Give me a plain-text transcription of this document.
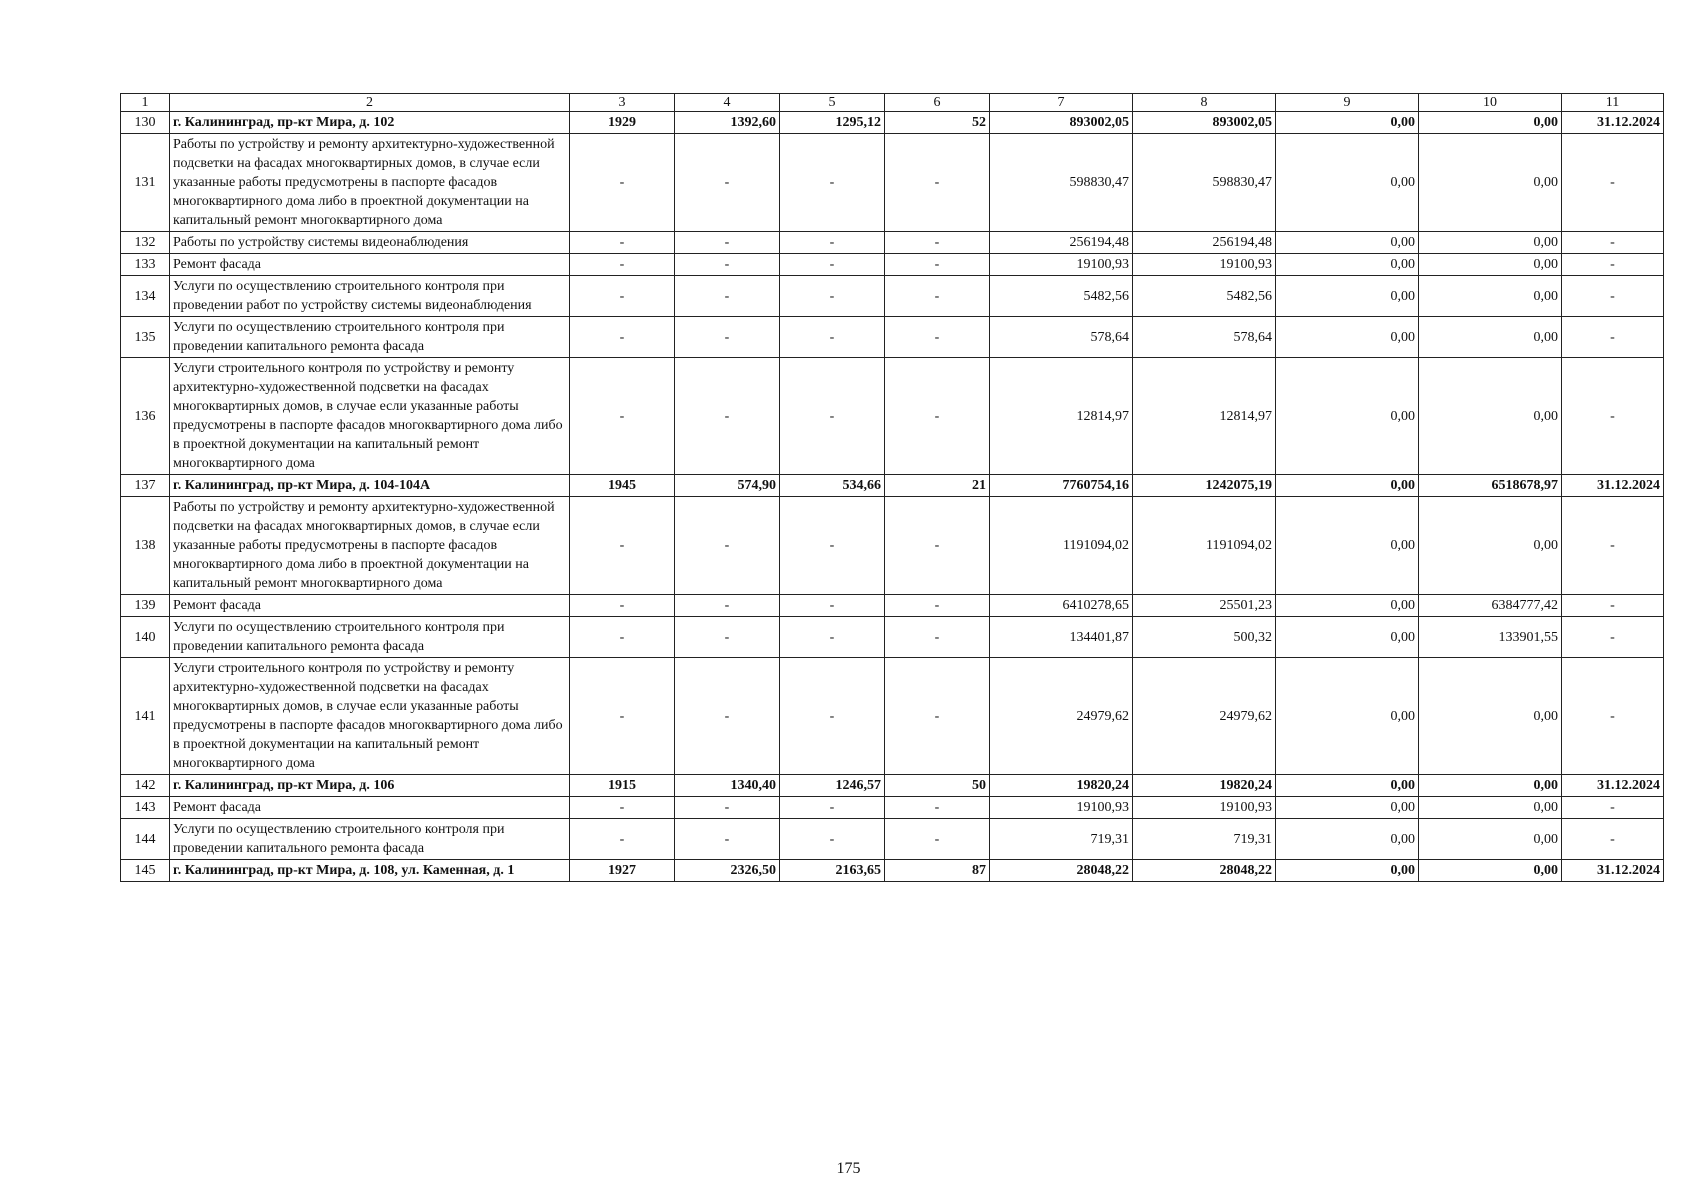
1	2	3	4	5	6	7	8	9	10	11
130	г. Калининград, пр-кт Мира, д. 102	1929	1392,60	1295,12	52	893002,05	893002,05	0,00	0,00	31.12.2024
131	Работы по устройству и ремонту архитектурно-художественной подсветки на фасадах многоквартирных домов, в случае если указанные работы предусмотрены в паспорте фасадов многоквартирного дома либо в проектной документации на капитальный ремонт многоквартирного дома	-	-	-	-	598830,47	598830,47	0,00	0,00	-
132	Работы по устройству системы видеонаблюдения	-	-	-	-	256194,48	256194,48	0,00	0,00	-
133	Ремонт фасада	-	-	-	-	19100,93	19100,93	0,00	0,00	-
134	Услуги по осуществлению строительного контроля при проведении работ по устройству системы видеонаблюдения	-	-	-	-	5482,56	5482,56	0,00	0,00	-
135	Услуги по осуществлению строительного контроля при проведении капитального ремонта фасада	-	-	-	-	578,64	578,64	0,00	0,00	-
136	Услуги строительного контроля по устройству и ремонту архитектурно-художественной подсветки на фасадах многоквартирных домов, в случае если указанные работы предусмотрены в паспорте фасадов многоквартирного дома либо в проектной документации на капитальный ремонт многоквартирного дома	-	-	-	-	12814,97	12814,97	0,00	0,00	-
137	г. Калининград, пр-кт Мира, д. 104-104А	1945	574,90	534,66	21	7760754,16	1242075,19	0,00	6518678,97	31.12.2024
138	Работы по устройству и ремонту архитектурно-художественной подсветки на фасадах многоквартирных домов, в случае если указанные работы предусмотрены в паспорте фасадов многоквартирного дома либо в проектной документации на капитальный ремонт многоквартирного дома	-	-	-	-	1191094,02	1191094,02	0,00	0,00	-
139	Ремонт фасада	-	-	-	-	6410278,65	25501,23	0,00	6384777,42	-
140	Услуги по осуществлению строительного контроля при проведении капитального ремонта фасада	-	-	-	-	134401,87	500,32	0,00	133901,55	-
141	Услуги строительного контроля по устройству и ремонту архитектурно-художественной подсветки на фасадах многоквартирных домов, в случае если указанные работы предусмотрены в паспорте фасадов многоквартирного дома либо в проектной документации на капитальный ремонт многоквартирного дома	-	-	-	-	24979,62	24979,62	0,00	0,00	-
142	г. Калининград, пр-кт Мира, д. 106	1915	1340,40	1246,57	50	19820,24	19820,24	0,00	0,00	31.12.2024
143	Ремонт фасада	-	-	-	-	19100,93	19100,93	0,00	0,00	-
144	Услуги по осуществлению строительного контроля при проведении капитального ремонта фасада	-	-	-	-	719,31	719,31	0,00	0,00	-
145	г. Калининград, пр-кт Мира, д. 108, ул. Каменная, д. 1	1927	2326,50	2163,65	87	28048,22	28048,22	0,00	0,00	31.12.2024
175
